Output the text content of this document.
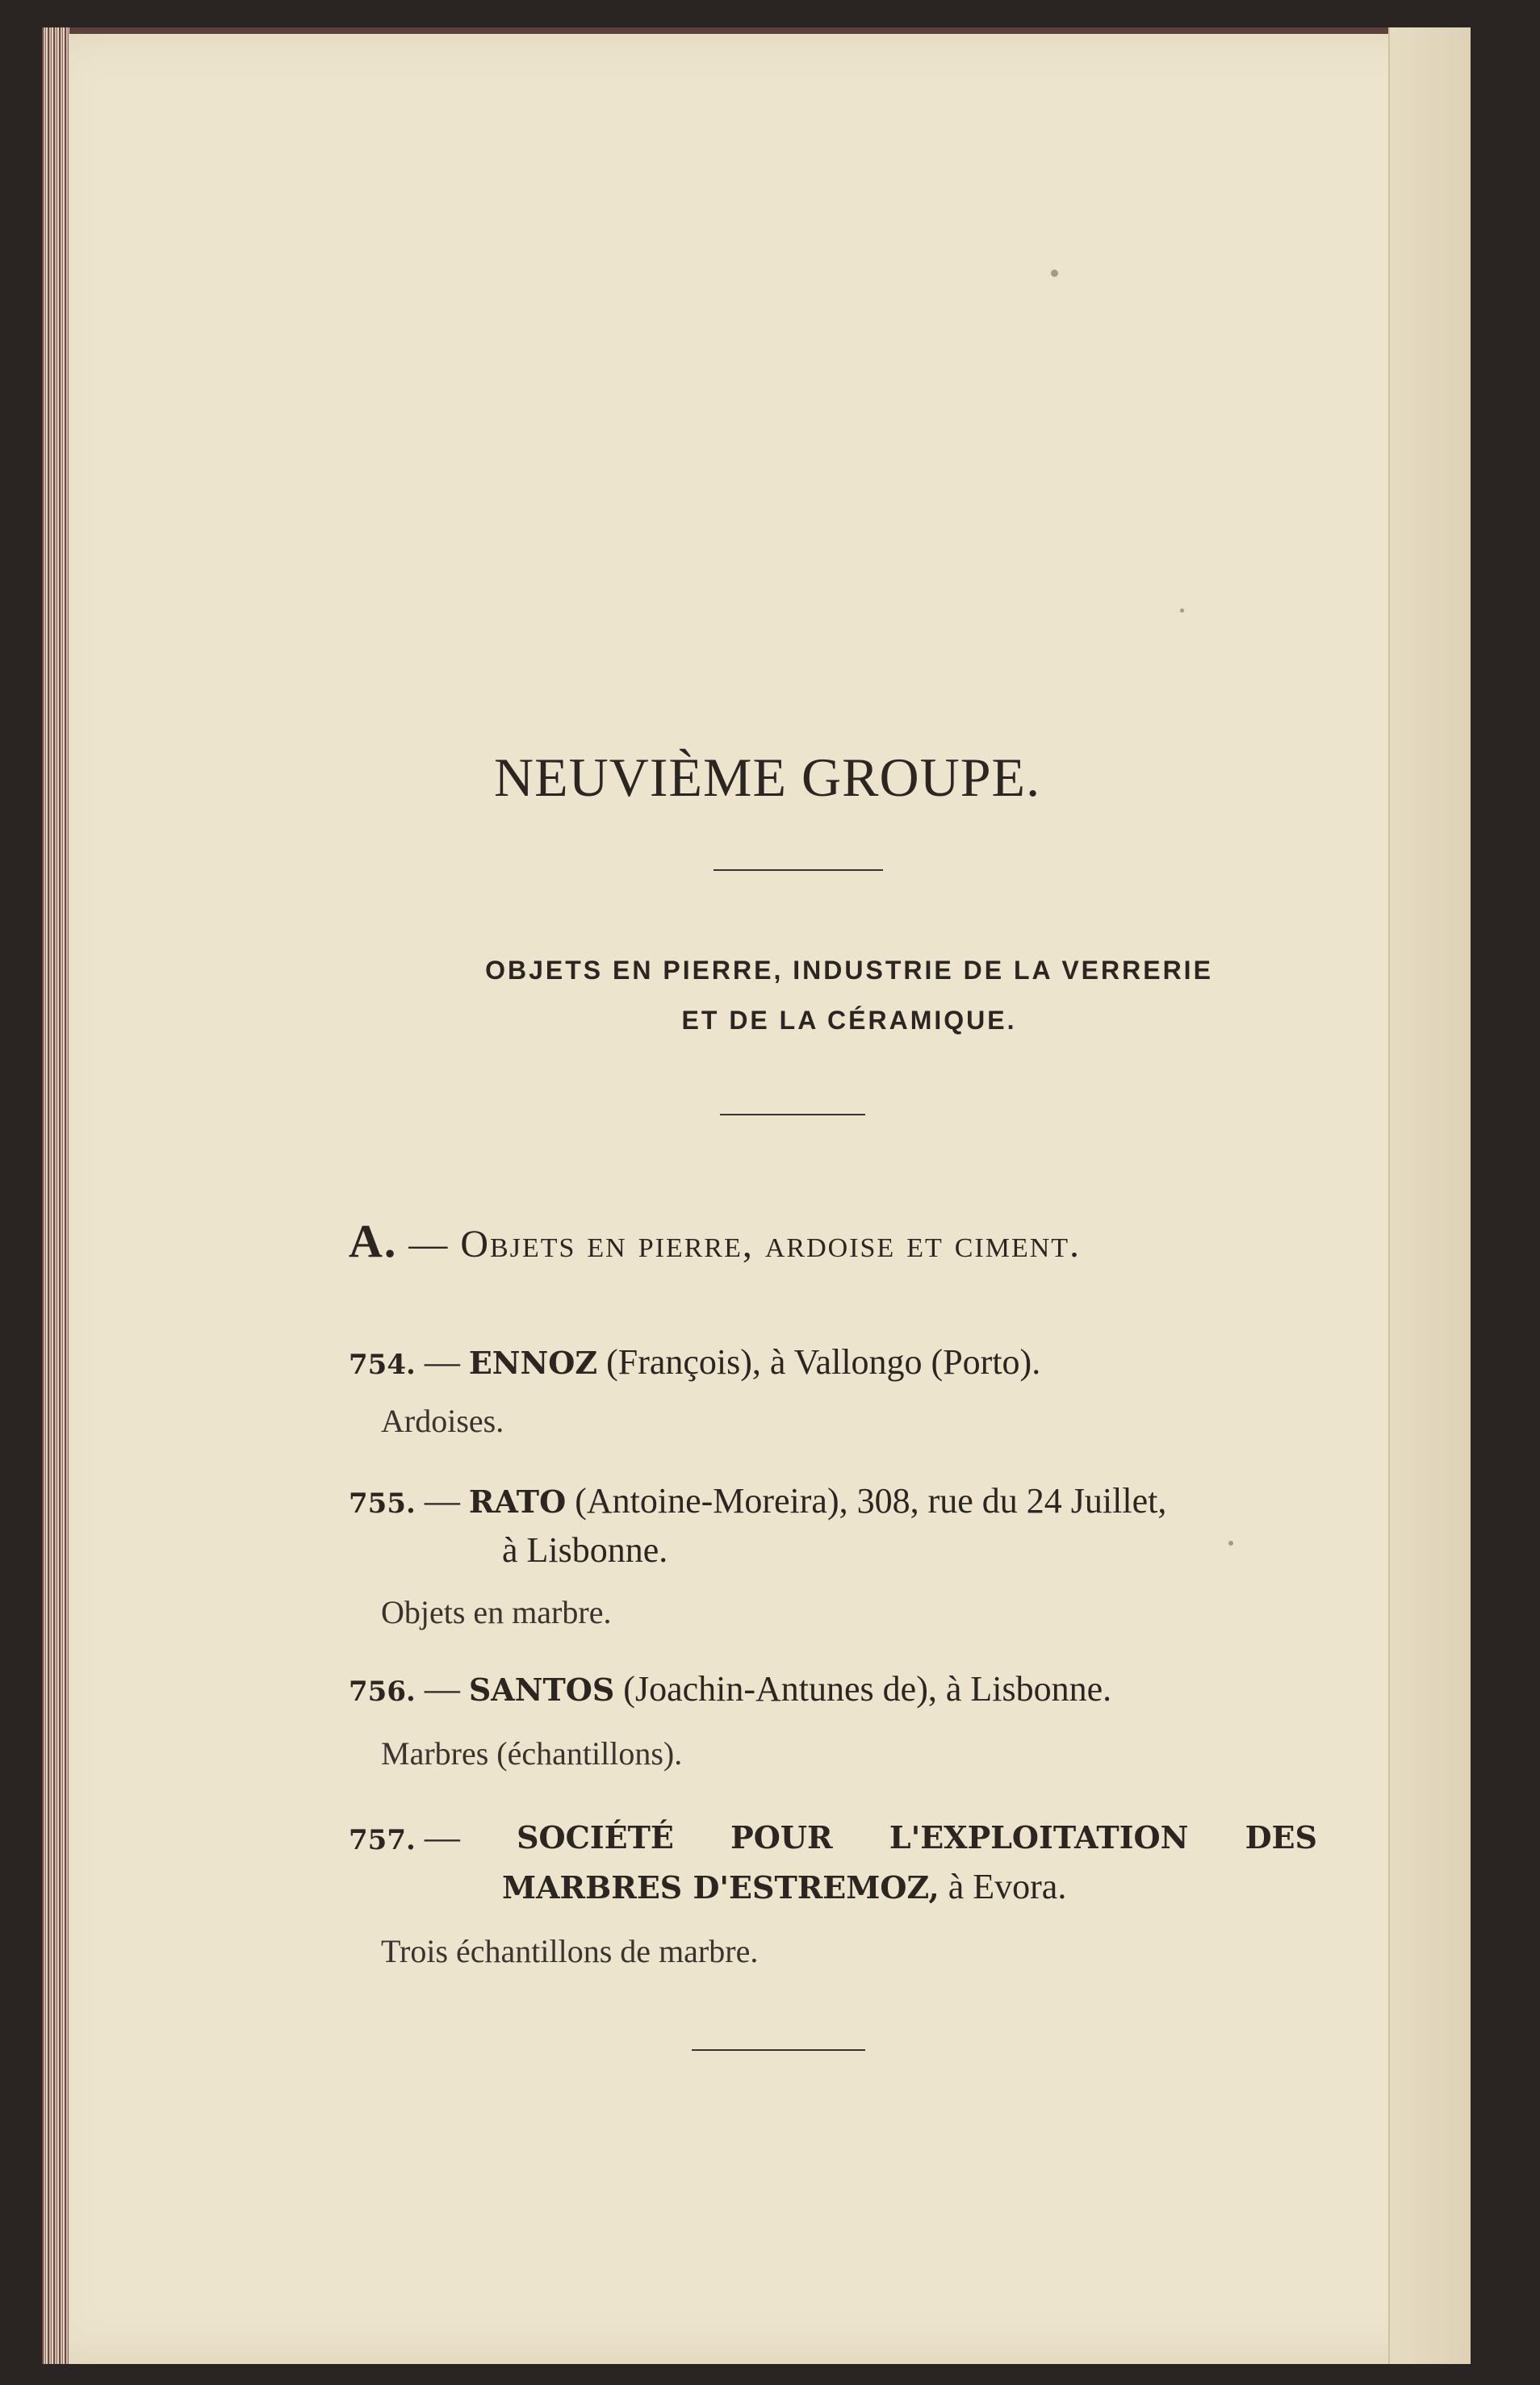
NEUVIÈME GROUPE.
OBJETS EN PIERRE, INDUSTRIE DE LA VERRERIE
ET DE LA CÉRAMIQUE.
A. — Objets en pierre, ardoise et ciment.
754. — ENNOZ (François), à Vallongo (Porto).
Ardoises.
755. — RATO (Antoine-Moreira), 308, rue du 24 Juillet,
à Lisbonne.
Objets en marbre.
756. — SANTOS (Joachin-Antunes de), à Lisbonne.
Marbres (échantillons).
757. — SOCIÉTÉ POUR L'EXPLOITATION DES
MARBRES D'ESTREMOZ, à Evora.
Trois échantillons de marbre.
